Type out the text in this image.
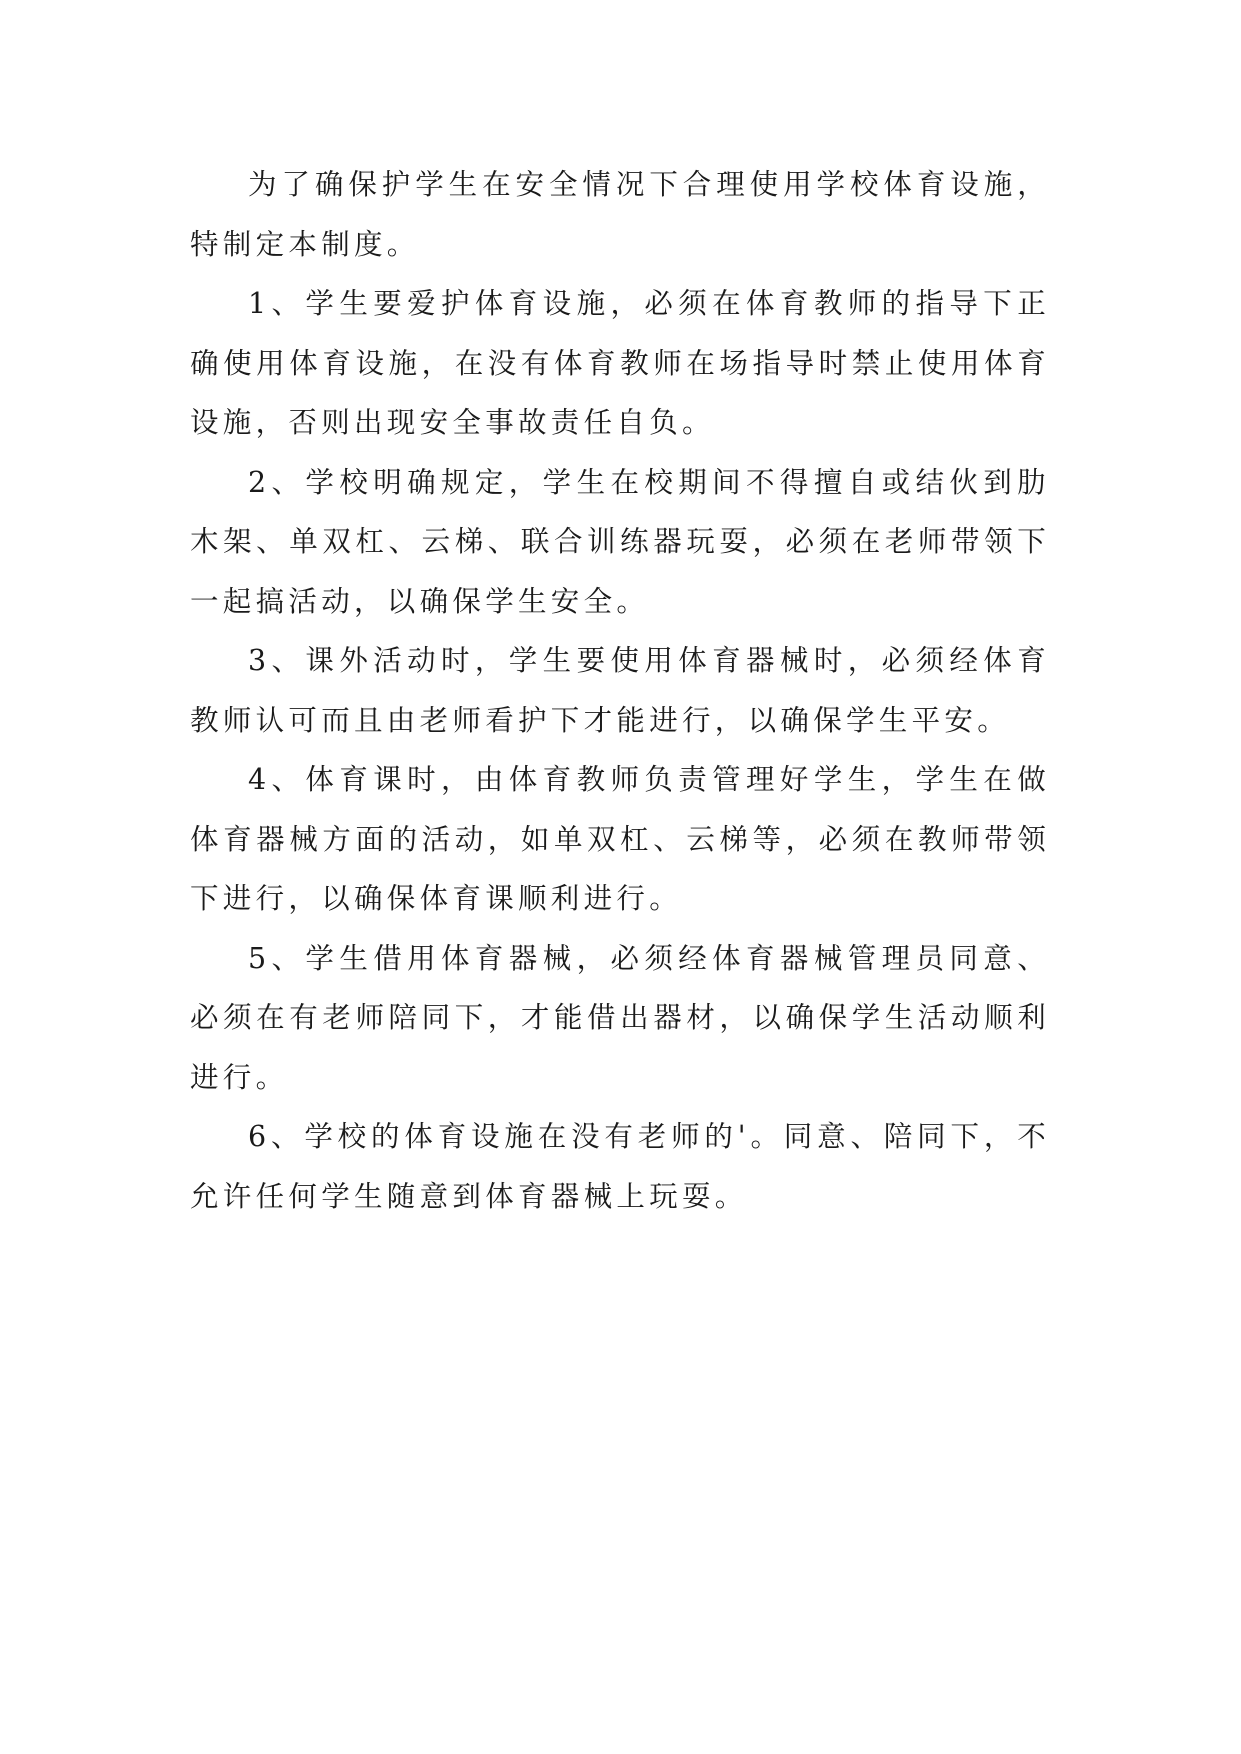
为了确保护学生在安全情况下合理使用学校体育设施，特制定本制度。

1、学生要爱护体育设施，必须在体育教师的指导下正确使用体育设施，在没有体育教师在场指导时禁止使用体育设施，否则出现安全事故责任自负。

2、学校明确规定，学生在校期间不得擅自或结伙到肋木架、单双杠、云梯、联合训练器玩耍，必须在老师带领下一起搞活动，以确保学生安全。

3、课外活动时，学生要使用体育器械时，必须经体育教师认可而且由老师看护下才能进行，以确保学生平安。

4、体育课时，由体育教师负责管理好学生，学生在做体育器械方面的活动，如单双杠、云梯等，必须在教师带领下进行，以确保体育课顺利进行。

5、学生借用体育器械，必须经体育器械管理员同意、必须在有老师陪同下，才能借出器材，以确保学生活动顺利进行。

6、学校的体育设施在没有老师的'。同意、陪同下，不允许任何学生随意到体育器械上玩耍。
